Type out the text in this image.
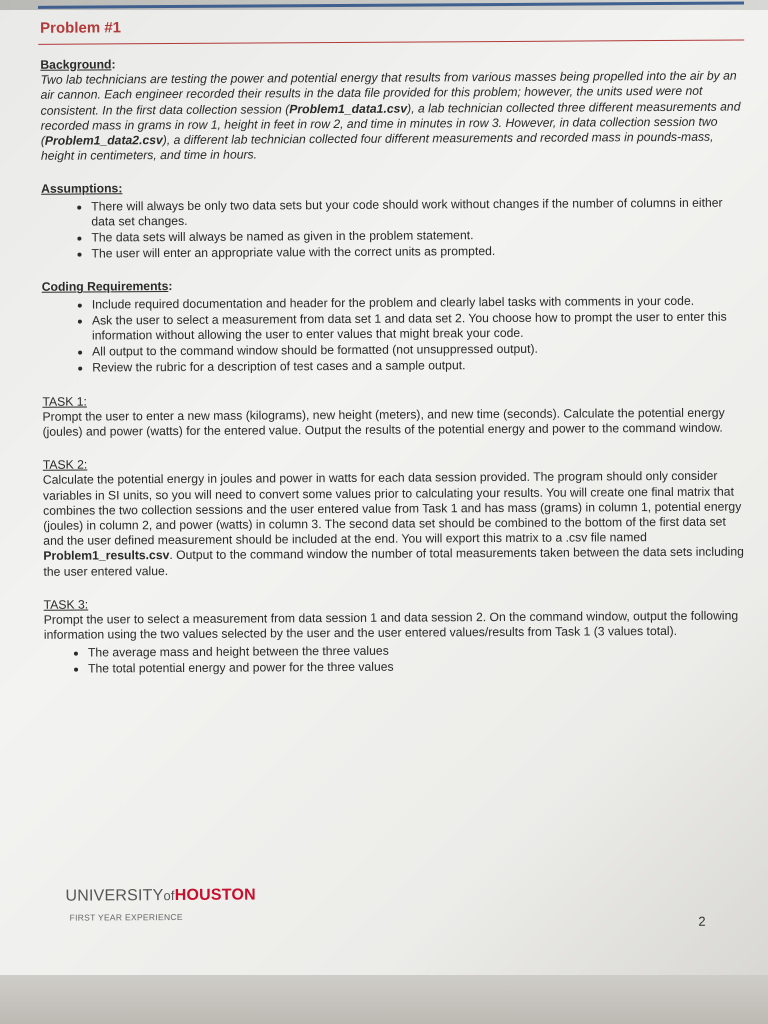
Problem #1
Background:
Two lab technicians are testing the power and potential energy that results from various masses being propelled into the air by an air cannon. Each engineer recorded their results in the data file provided for this problem; however, the units used were not consistent. In the first data collection session (Problem1_data1.csv), a lab technician collected three different measurements and recorded mass in grams in row 1, height in feet in row 2, and time in minutes in row 3. However, in data collection session two (Problem1_data2.csv), a different lab technician collected four different measurements and recorded mass in pounds-mass, height in centimeters, and time in hours.
Assumptions:
• There will always be only two data sets but your code should work without changes if the number of columns in either data set changes.
• The data sets will always be named as given in the problem statement.
• The user will enter an appropriate value with the correct units as prompted.
Coding Requirements:
• Include required documentation and header for the problem and clearly label tasks with comments in your code.
• Ask the user to select a measurement from data set 1 and data set 2. You choose how to prompt the user to enter this information without allowing the user to enter values that might break your code.
• All output to the command window should be formatted (not unsuppressed output).
• Review the rubric for a description of test cases and a sample output.
TASK 1:
Prompt the user to enter a new mass (kilograms), new height (meters), and new time (seconds). Calculate the potential energy (joules) and power (watts) for the entered value. Output the results of the potential energy and power to the command window.
TASK 2:
Calculate the potential energy in joules and power in watts for each data session provided. The program should only consider variables in SI units, so you will need to convert some values prior to calculating your results. You will create one final matrix that combines the two collection sessions and the user entered value from Task 1 and has mass (grams) in column 1, potential energy (joules) in column 2, and power (watts) in column 3. The second data set should be combined to the bottom of the first data set and the user defined measurement should be included at the end. You will export this matrix to a .csv file named Problem1_results.csv. Output to the command window the number of total measurements taken between the data sets including the user entered value.
TASK 3:
Prompt the user to select a measurement from data session 1 and data session 2. On the command window, output the following information using the two values selected by the user and the user entered values/results from Task 1 (3 values total).
• The average mass and height between the three values
• The total potential energy and power for the three values
UNIVERSITYofHOUSTON
FIRST YEAR EXPERIENCE	2
